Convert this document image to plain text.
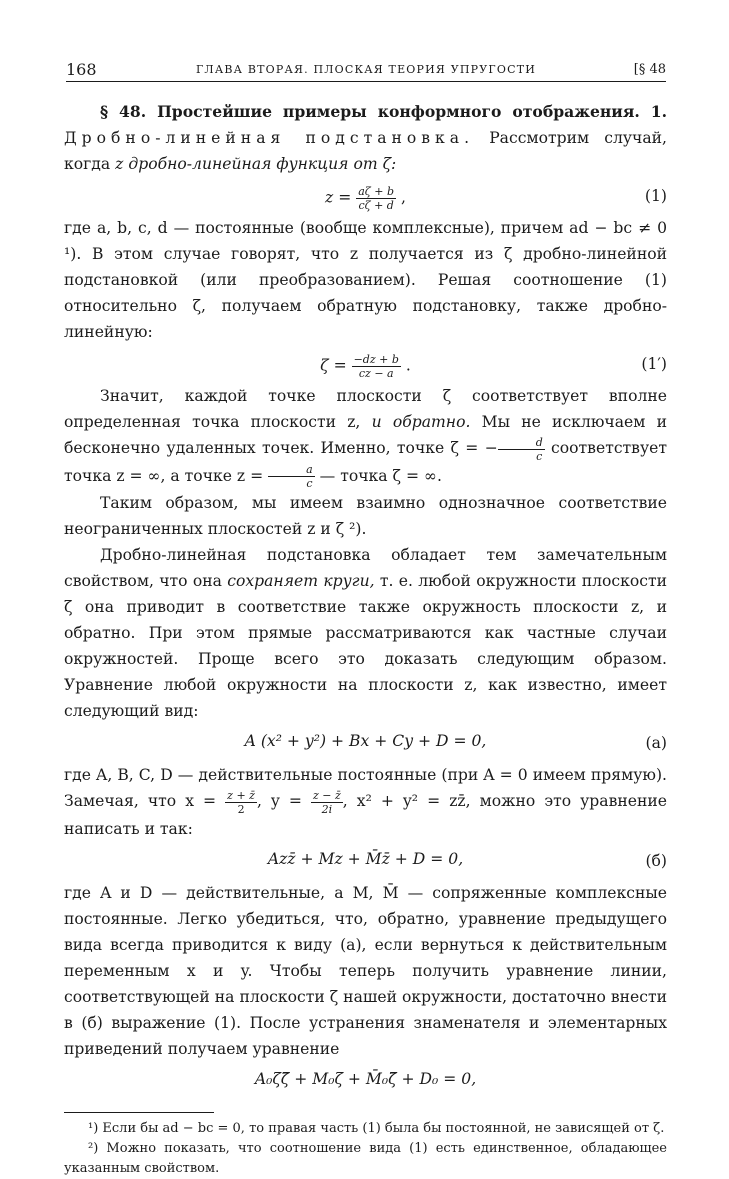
168	ГЛАВА ВТОРАЯ. ПЛОСКАЯ ТЕОРИЯ УПРУГОСТИ	[§ 48

§ 48. Простейшие примеры конформного отображения. 1. Дробно-линейная подстановка. Рассмотрим случай, когда z дробно-линейная функция от ζ:

$z = \frac{a\zeta + b}{c\zeta + d}$ ,	(1)

где a, b, c, d — постоянные (вообще комплексные), причем ad − bc ≠ 0 ¹). В этом случае говорят, что z получается из ζ дробно-линейной подстановкой (или преобразованием). Решая соотношение (1) относительно ζ, получаем обратную подстановку, также дробно-линейную:

$\zeta = \frac{-dz + b}{cz - a}$ .	(1′)

Значит, каждой точке плоскости ζ соответствует вполне определенная точка плоскости z, и обратно. Мы не исключаем и бесконечно удаленных точек. Именно, точке ζ = − $\frac{d}{c}$ соответствует точка z = ∞, а точке $z = \frac{a}{c}$ — точка ζ = ∞.

Таким образом, мы имеем взаимно однозначное соответствие неограниченных плоскостей z и ζ ²).

Дробно-линейная подстановка обладает тем замечательным свойством, что она сохраняет круги, т. е. любой окружности плоскости ζ она приводит в соответствие также окружность плоскости z, и обратно. При этом прямые рассматриваются как частные случаи окружностей. Проще всего это доказать следующим образом. Уравнение любой окружности на плоскости z, как известно, имеет следующий вид:

A (x² + y²) + Bx + Cy + D = 0,	(а)

где A, B, C, D — действительные постоянные (при A = 0 имеем прямую). Замечая, что $x = \frac{z + z̄}{2}$ , $y = \frac{z - z̄}{2i}$ , x² + y² = zz̄, можно это уравнение написать и так:

Azz̄ + Mz + M̄z̄ + D = 0,	(б)

где A и D — действительные, а M, M̄ — сопряженные комплексные постоянные. Легко убедиться, что, обратно, уравнение предыдущего вида всегда приводится к виду (а), если вернуться к действительным переменным x и y. Чтобы теперь получить уравнение линии, соответствующей на плоскости ζ нашей окружности, достаточно внести в (б) выражение (1). После устранения знаменателя и элементарных приведений получаем уравнение

A₀ζζ̄ + M₀ζ + M̄₀ζ̄ + D₀ = 0,

¹) Если бы ad − bc = 0, то правая часть (1) была бы постоянной, не зависящей от ζ.

²) Можно показать, что соотношение вида (1) есть единственное, обладающее указанным свойством.
